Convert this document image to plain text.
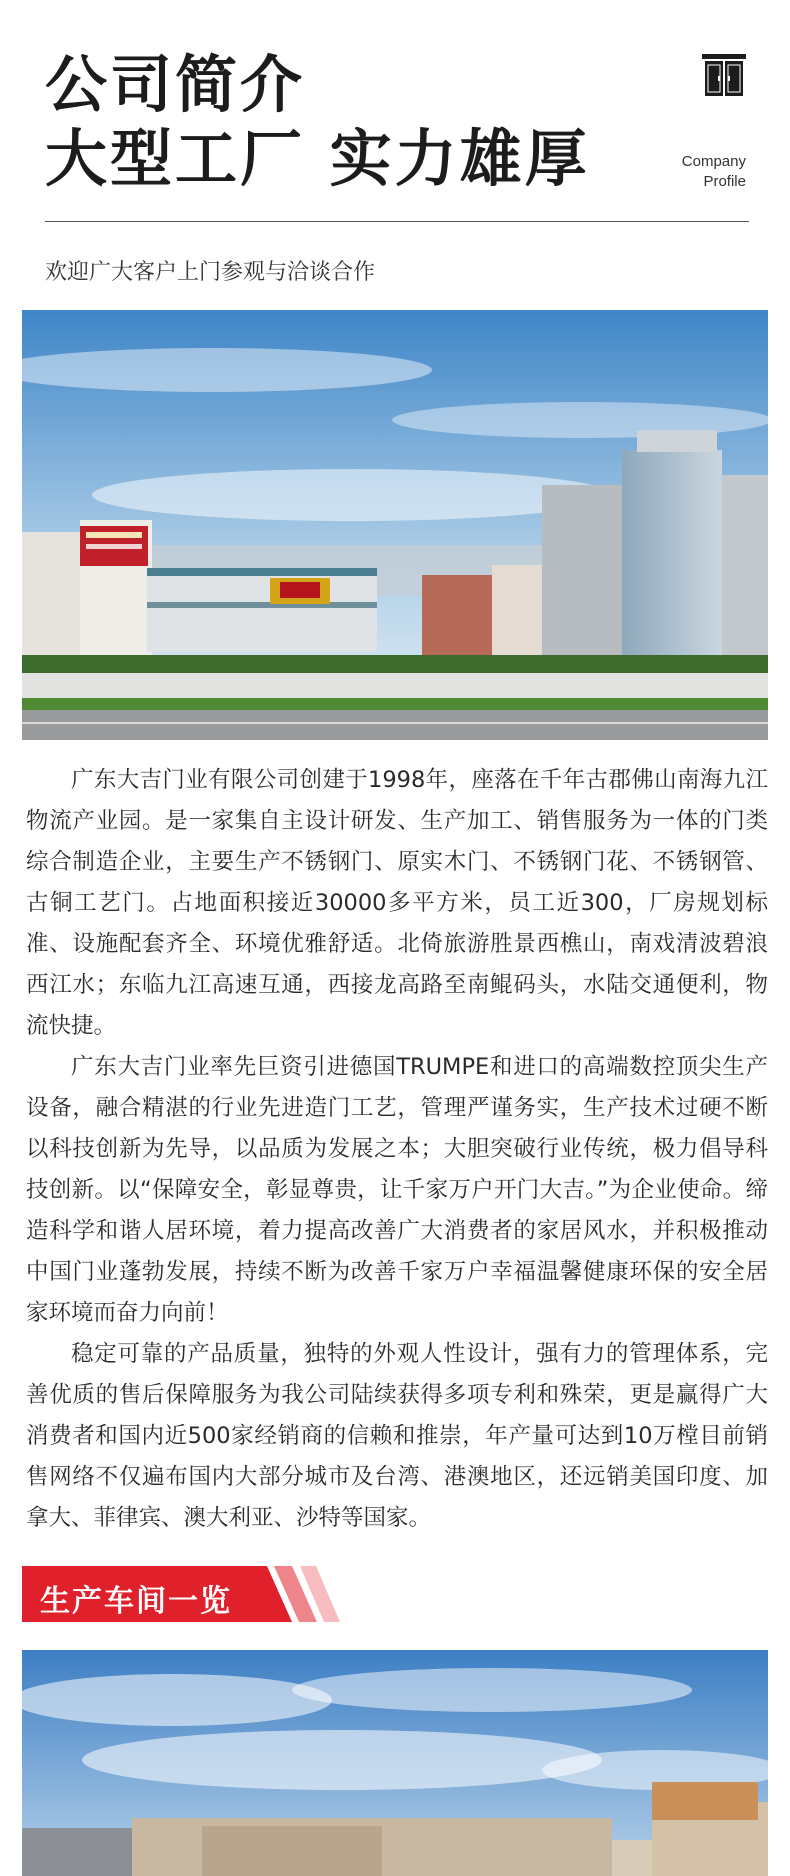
公司简介
大型工厂 实力雄厚	Company
Profile
欢迎广大客户上门参观与洽谈合作

广东大吉门业有限公司创建于1998年，座落在千年古郡佛山南海九江物流产业园。是一家集自主设计研发、生产加工、销售服务为一体的门类综合制造企业，主要生产不锈钢门、原实木门、不锈钢门花、不锈钢管、古铜工艺门。占地面积接近30000多平方米，员工近300，厂房规划标准、设施配套齐全、环境优雅舒适。北倚旅游胜景西樵山，南戏清波碧浪西江水；东临九江高速互通，西接龙高路至南鲲码头，水陆交通便利，物流快捷。

广东大吉门业率先巨资引进德国TRUMPE和进口的高端数控顶尖生产设备，融合精湛的行业先进造门工艺，管理严谨务实，生产技术过硬不断以科技创新为先导，以品质为发展之本；大胆突破行业传统，极力倡导科技创新。以“保障安全，彰显尊贵，让千家万户开门大吉。”为企业使命。缔造科学和谐人居环境，着力提高改善广大消费者的家居风水，并积极推动中国门业蓬勃发展，持续不断为改善千家万户幸福温馨健康环保的安全居家环境而奋力向前！

稳定可靠的产品质量，独特的外观人性设计，强有力的管理体系，完善优质的售后保障服务为我公司陆续获得多项专利和殊荣，更是赢得广大消费者和国内近500家经销商的信赖和推崇，年产量可达到10万樘目前销售网络不仅遍布国内大部分城市及台湾、港澳地区，还远销美国印度、加拿大、菲律宾、澳大利亚、沙特等国家。

生产车间一览
